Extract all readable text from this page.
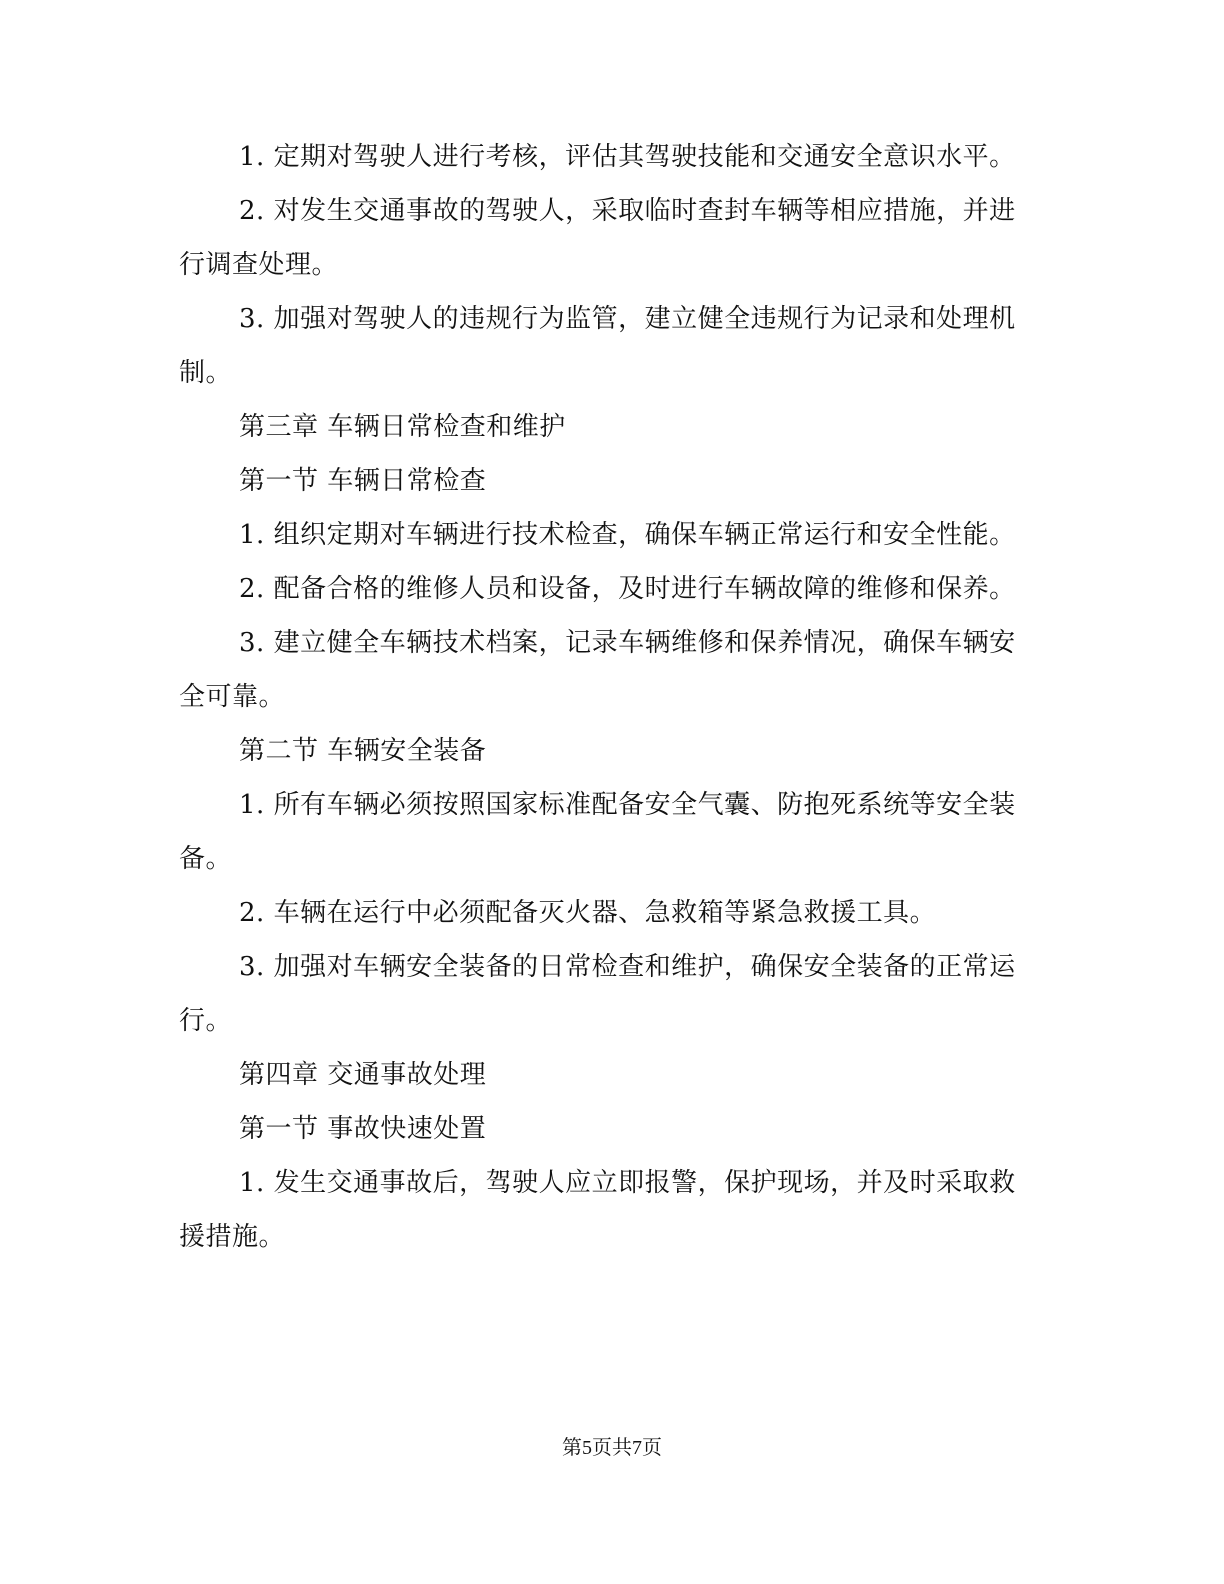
1. 定期对驾驶人进行考核，评估其驾驶技能和交通安全意识水平。

2. 对发生交通事故的驾驶人，采取临时查封车辆等相应措施，并进行调查处理。

3. 加强对驾驶人的违规行为监管，建立健全违规行为记录和处理机制。

第三章 车辆日常检查和维护

第一节 车辆日常检查

1. 组织定期对车辆进行技术检查，确保车辆正常运行和安全性能。

2. 配备合格的维修人员和设备，及时进行车辆故障的维修和保养。

3. 建立健全车辆技术档案，记录车辆维修和保养情况，确保车辆安全可靠。

第二节 车辆安全装备

1. 所有车辆必须按照国家标准配备安全气囊、防抱死系统等安全装备。

2. 车辆在运行中必须配备灭火器、急救箱等紧急救援工具。

3. 加强对车辆安全装备的日常检查和维护，确保安全装备的正常运行。

第四章 交通事故处理

第一节 事故快速处置

1. 发生交通事故后，驾驶人应立即报警，保护现场，并及时采取救援措施。

第5页共7页
